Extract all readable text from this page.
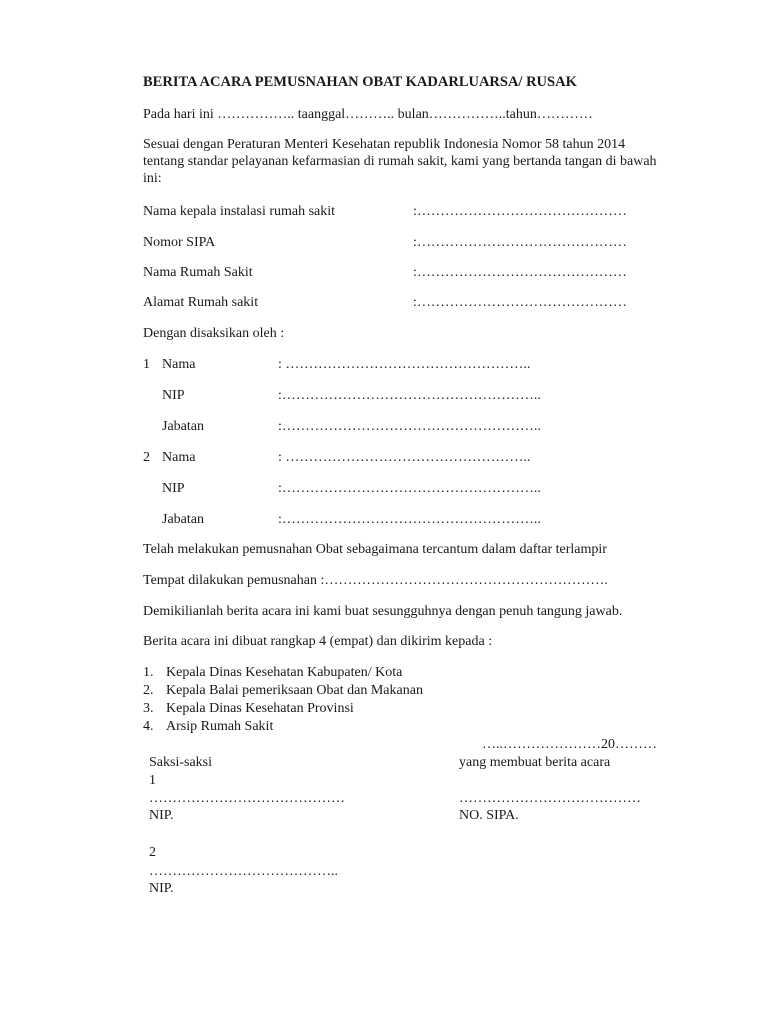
BERITA ACARA PEMUSNAHAN OBAT KADARLUARSA/ RUSAK
Pada hari ini …………….. taanggal……….. bulan……………..tahun…………
Sesuai dengan Peraturan Menteri Kesehatan republik Indonesia Nomor 58 tahun 2014 tentang standar pelayanan kefarmasian di rumah sakit, kami yang bertanda tangan di bawah ini:
Nama kepala instalasi rumah sakit	:………………………………………
Nomor SIPA	:………………………………………
Nama Rumah Sakit	:………………………………………
Alamat Rumah sakit	:………………………………………
Dengan disaksikan oleh :
1 Nama	: ……………………………………………..
NIP	:………………………………………………..
Jabatan	:………………………………………………..
2 Nama	: ……………………………………………..
NIP	:………………………………………………..
Jabatan	:………………………………………………..
Telah melakukan pemusnahan Obat sebagaimana tercantum dalam daftar terlampir
Tempat dilakukan pemusnahan :…………………………………………………….
Demikilianlah berita acara ini kami buat sesungguhnya dengan penuh tangung jawab.
Berita acara ini dibuat rangkap 4 (empat) dan dikirim kepada :
1. Kepala Dinas Kesehatan Kabupaten/ Kota
2. Kepala Balai pemeriksaan Obat dan Makanan
3. Kepala Dinas Kesehatan Provinsi
4. Arsip Rumah Sakit
…..…………………20………
Saksi-saksi	yang membuat berita acara
1
……………………………………	…………………………………
NIP.	NO. SIPA.
2
…………………………………..
NIP.
